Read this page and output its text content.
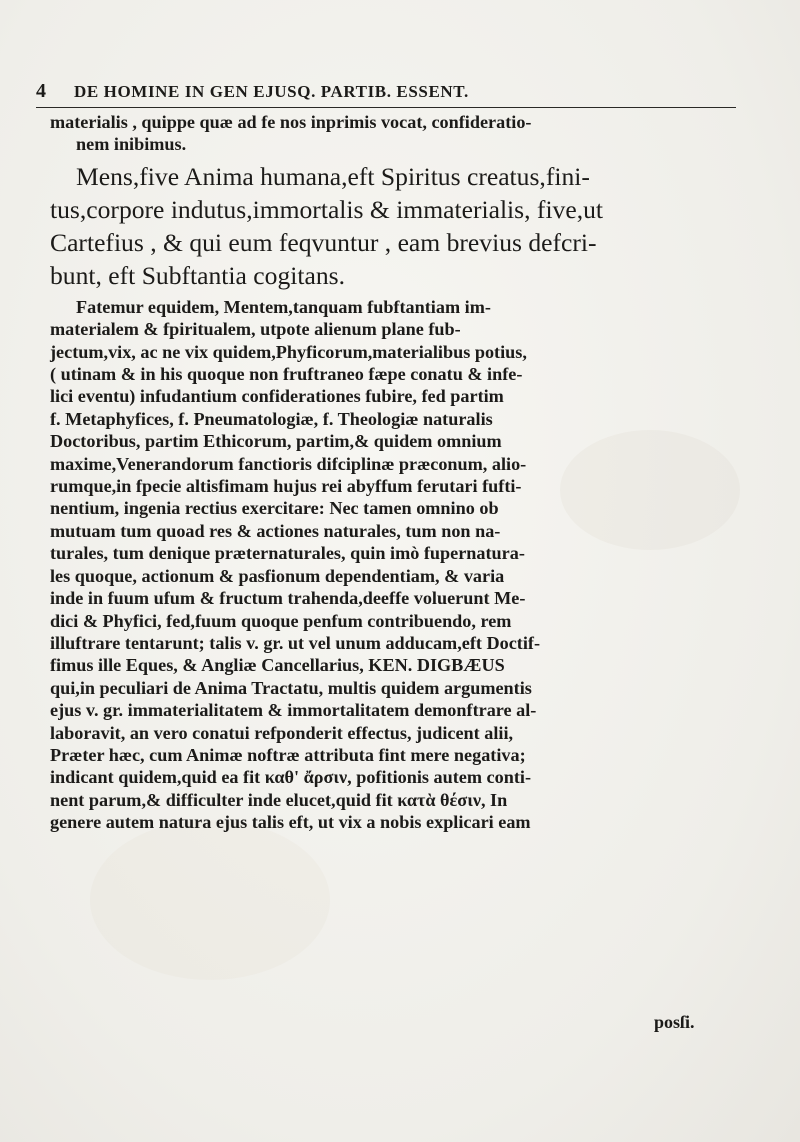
4	DE HOMINE IN GEN EJUSQ. PARTIB. ESSENT.
materialis , quippe quæ ad fe nos inprimis vocat, confideratio-
nem inibimus.
Mens,five Anima humana,eft Spiritus creatus,fini-
tus,corpore indutus,immortalis & immaterialis, five,ut
Cartefius , & qui eum feqvuntur , eam brevius defcri-
bunt, eft Subftantia cogitans.
Fatemur equidem, Mentem,tanquam fubftantiam im-
materialem & fpiritualem, utpote alienum plane fub-
jectum,vix, ac ne vix quidem,Phyficorum,materialibus potius,
( utinam & in his quoque non fruftraneo fæpe conatu & infe-
lici eventu) infudantium confiderationes fubire, fed partim
f. Metaphyfices, f. Pneumatologiæ, f. Theologiæ naturalis
Doctoribus, partim Ethicorum, partim,& quidem omnium
maxime,Venerandorum fanctioris difciplinæ præconum, alio-
rumque,in fpecie altisfimam hujus rei abyffum ferutari fufti-
nentium, ingenia rectius exercitare: Nec tamen omnino ob
mutuam tum quoad res & actiones naturales, tum non na-
turales, tum denique præternaturales, quin imò fupernatura-
les quoque, actionum & pasfionum dependentiam, & varia
inde in fuum ufum & fructum trahenda,deeffe voluerunt Me-
dici & Phyfici, fed,fuum quoque penfum contribuendo, rem
illuftrare tentarunt; talis v. gr. ut vel unum adducam,eft Doctif-
fimus ille Eques, & Angliæ Cancellarius, KEN. DIGBÆUS
qui,in peculiari de Anima Tractatu, multis quidem argumentis
ejus v. gr. immaterialitatem & immortalitatem demonftrare al-
laboravit, an vero conatui refponderit effectus, judicent alii,
Præter hæc, cum Animæ noftræ attributa fint mere negativa;
indicant quidem,quid ea fit καθ' ἄρσιν, pofitionis autem conti-
nent parum,& difficulter inde elucet,quid fit κατὰ θέσιν, In
genere autem natura ejus talis eft, ut vix a nobis explicari eam
posſi.
